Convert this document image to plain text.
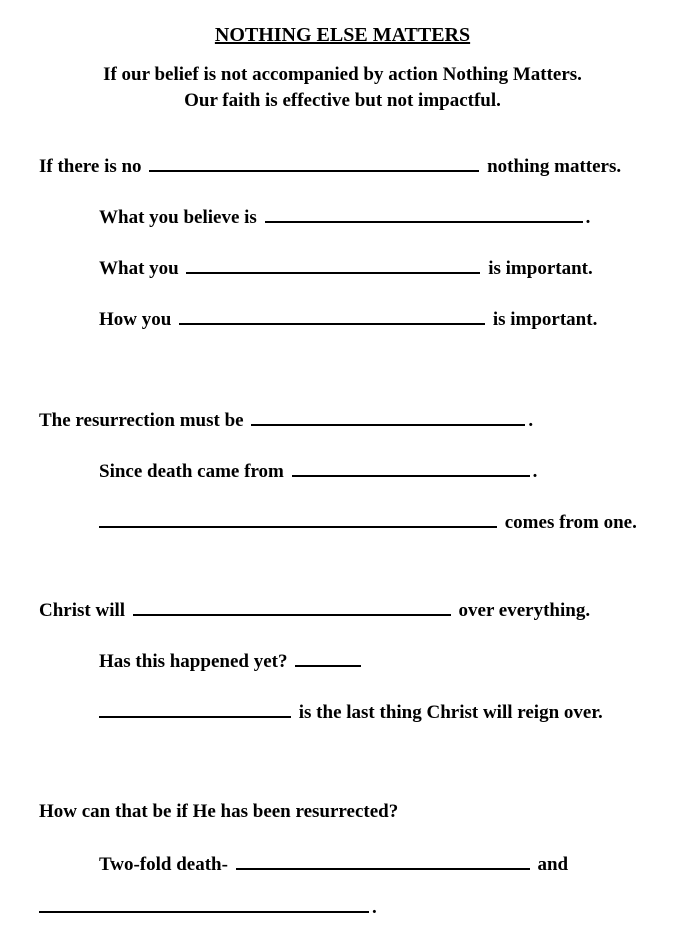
NOTHING ELSE MATTERS
If our belief is not accompanied by action Nothing Matters.
Our faith is effective but not impactful.
If there is no	nothing matters.
What you believe is	.
What you	is important.
How you	is important.
The resurrection must be	.
Since death came from	.
comes from one.
Christ will	over everything.
Has this happened yet?
is the last thing Christ will reign over.
How can that be if He has been resurrected?
Two-fold death-	and
.
